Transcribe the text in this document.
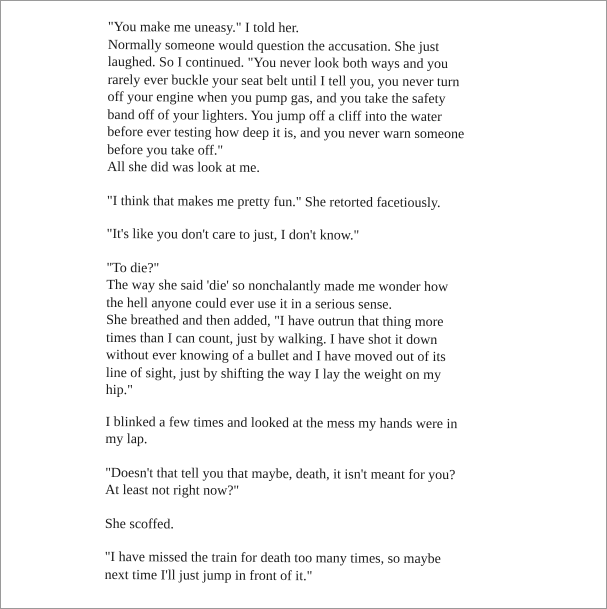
"You make me uneasy." I told her.
Normally someone would question the accusation. She just
laughed. So I continued. "You never look both ways and you
rarely ever buckle your seat belt until I tell you, you never turn
off your engine when you pump gas, and you take the safety
band off of your lighters. You jump off a cliff into the water
before ever testing how deep it is, and you never warn someone
before you take off."
All she did was look at me.
"I think that makes me pretty fun." She retorted facetiously.
"It's like you don't care to just, I don't know."
"To die?"
The way she said 'die' so nonchalantly made me wonder how
the hell anyone could ever use it in a serious sense.
She breathed and then added, "I have outrun that thing more
times than I can count, just by walking. I have shot it down
without ever knowing of a bullet and I have moved out of its
line of sight, just by shifting the way I lay the weight on my
hip."
I blinked a few times and looked at the mess my hands were in
my lap.
"Doesn't that tell you that maybe, death, it isn't meant for you?
At least not right now?"
She scoffed.
"I have missed the train for death too many times, so maybe
next time I'll just jump in front of it."
